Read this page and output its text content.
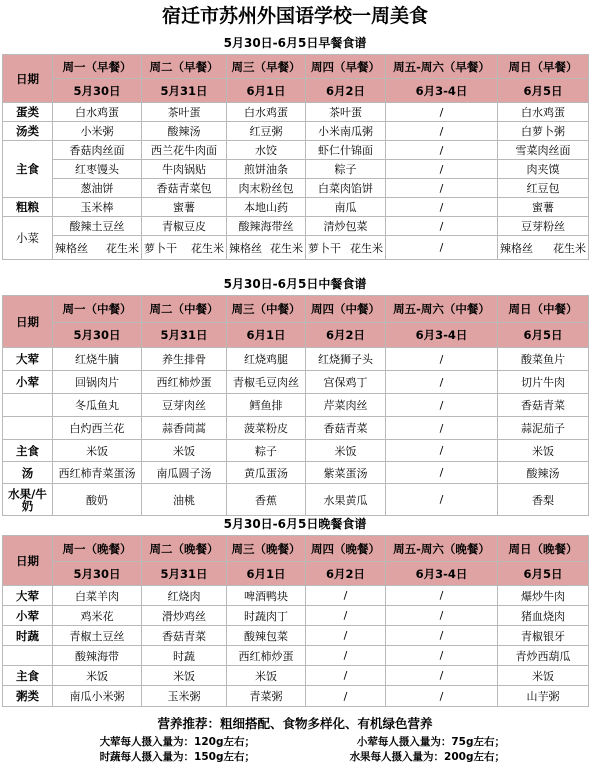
宿迁市苏州外国语学校一周美食
5月30日-6月5日早餐食谱
日期	周一（早餐）	周二（早餐）	周三（早餐）	周四（早餐）	周五-周六（早餐）	周日（早餐）
	5月30日	5月31日	6月1日	6月2日	6月3-4日	6月5日
蛋类	白水鸡蛋	茶叶蛋	白水鸡蛋	茶叶蛋	/	白水鸡蛋
汤类	小米粥	酸辣汤	红豆粥	小米南瓜粥	/	白萝卜粥
主食	香菇肉丝面	西兰花牛肉面	水饺	虾仁什锦面	/	雪菜肉丝面
	红枣馒头	牛肉锅贴	煎饼油条	粽子	/	肉夹馍
	葱油饼	香菇青菜包	肉末粉丝包	白菜肉馅饼	/	红豆包
粗粮	玉米棒	蜜薯	本地山药	南瓜	/	蜜薯
小菜	酸辣土豆丝	青椒豆皮	酸辣海带丝	清炒包菜	/	豆芽粉丝

	辣格丝 花生米	萝卜干 花生米	辣格丝 花生米	萝卜干 花生米	/	辣格丝 花生米
5月30日-6月5日中餐食谱
日期	周一（中餐）	周二（中餐）	周三（中餐）	周四（中餐）	周五-周六（中餐）	周日（中餐）
	5月30日	5月31日	6月1日	6月2日	6月3-4日	6月5日
大荤	红烧牛腩	养生排骨	红烧鸡腿	红烧狮子头	/	酸菜鱼片
小荤	回锅肉片	西红柿炒蛋	青椒毛豆肉丝	宫保鸡丁	/	切片牛肉
	冬瓜鱼丸	豆芽肉丝	鳕鱼排	芹菜肉丝	/	香菇青菜
	白灼西兰花	蒜香茼蒿	菠菜粉皮	香菇青菜	/	蒜泥茄子
主食	米饭	米饭	粽子	米饭	/	米饭
汤	西红柿青菜蛋汤	南瓜圆子汤	黄瓜蛋汤	紫菜蛋汤	/	酸辣汤
水果/牛奶	酸奶	油桃	香蕉	水果黄瓜	/	香梨
5月30日-6月5日晚餐食谱
日期	周一（晚餐）	周二（晚餐）	周三（晚餐）	周四（晚餐）	周五-周六（晚餐）	周日（晚餐）
	5月30日	5月31日	6月1日	6月2日	6月3-4日	6月5日
大荤	白菜羊肉	红烧肉	啤酒鸭块	/	/	爆炒牛肉
小荤	鸡米花	滑炒鸡丝	时蔬肉丁	/	/	猪血烧肉
时蔬	青椒土豆丝	香菇青菜	酸辣包菜	/	/	青椒银牙
	酸辣海带	时蔬	西红柿炒蛋	/	/	青炒西葫瓜
主食	米饭	米饭	米饭	/	/	米饭
粥类	南瓜小米粥	玉米粥	青菜粥	/	/	山芋粥
营养推荐：粗细搭配、食物多样化、有机绿色营养
大荤每人摄入量为：120g左右；	小荤每人摄入量为：75g左右；
时蔬每人摄入量为：150g左右；	水果每人摄入量为：200g左右；
